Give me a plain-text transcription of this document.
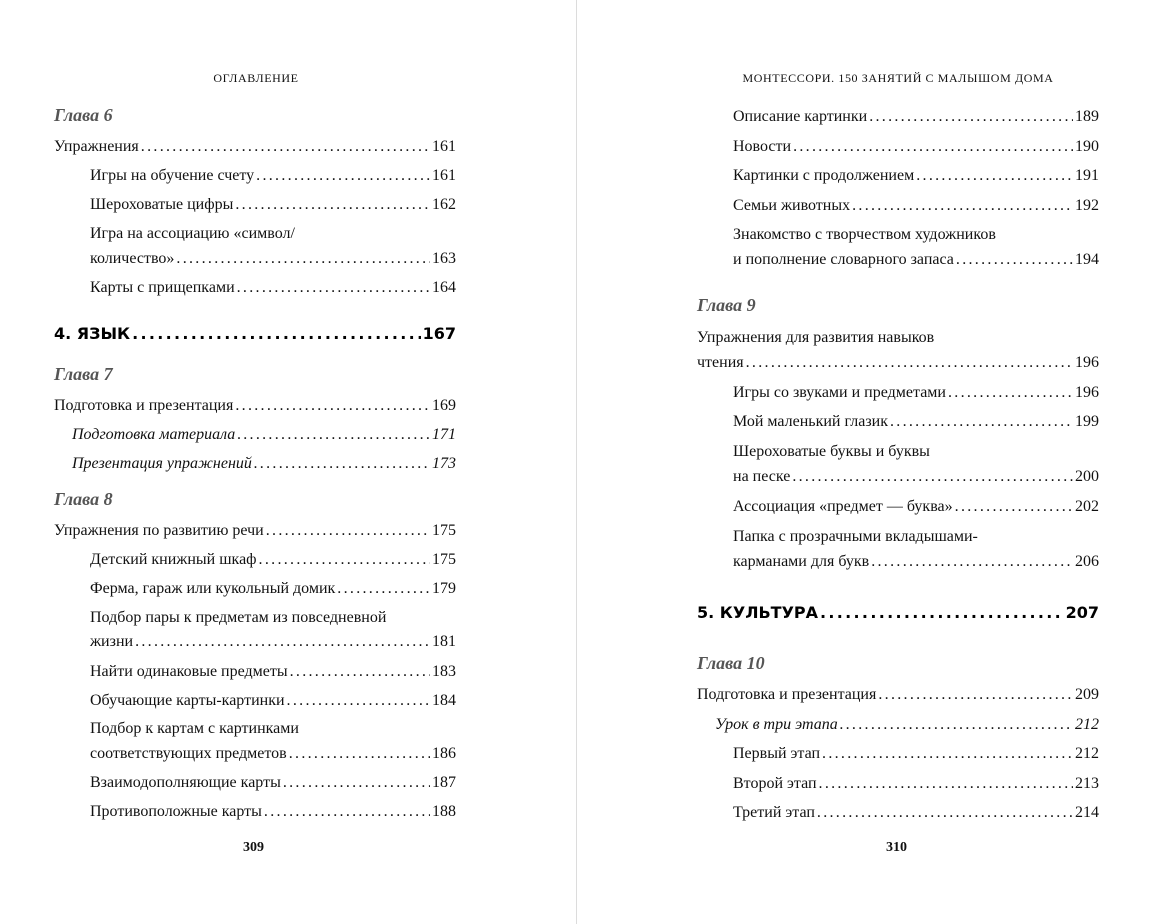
ОГЛАВЛЕНИЕ
Глава 6
Упражнения .....	161
Игры на обучение счету .....	161
Шероховатые цифры .....	162
Игра на ассоциацию «символ/
количество» .....	163
Карты с прищепками .....	164
4. ЯЗЫК .....	167
Глава 7
Подготовка и презентация .....	169
Подготовка материала .....	171
Презентация упражнений .....	173
Глава 8
Упражнения по развитию речи .....	175
Детский книжный шкаф .....	175
Ферма, гараж или кукольный домик .....	179
Подбор пары к предметам из повседневной
жизни .....	181
Найти одинаковые предметы .....	183
Обучающие карты-картинки .....	184
Подбор к картам с картинками
соответствующих предметов .....	186
Взаимодополняющие карты .....	187
Противоположные карты .....	188
309
МОНТЕССОРИ. 150 ЗАНЯТИЙ С МАЛЫШОМ ДОМА
Описание картинки .....	189
Новости .....	190
Картинки с продолжением .....	191
Семьи животных .....	192
Знакомство с творчеством художников
и пополнение словарного запаса .....	194
Глава 9
Упражнения для развития навыков
чтения .....	196
Игры со звуками и предметами .....	196
Мой маленький глазик .....	199
Шероховатые буквы и буквы
на песке .....	200
Ассоциация «предмет — буква» .....	202
Папка с прозрачными вкладышами-
карманами для букв .....	206
5. КУЛЬТУРА .....	207
Глава 10
Подготовка и презентация .....	209
Урок в три этапа .....	212
Первый этап .....	212
Второй этап .....	213
Третий этап .....	214
310
